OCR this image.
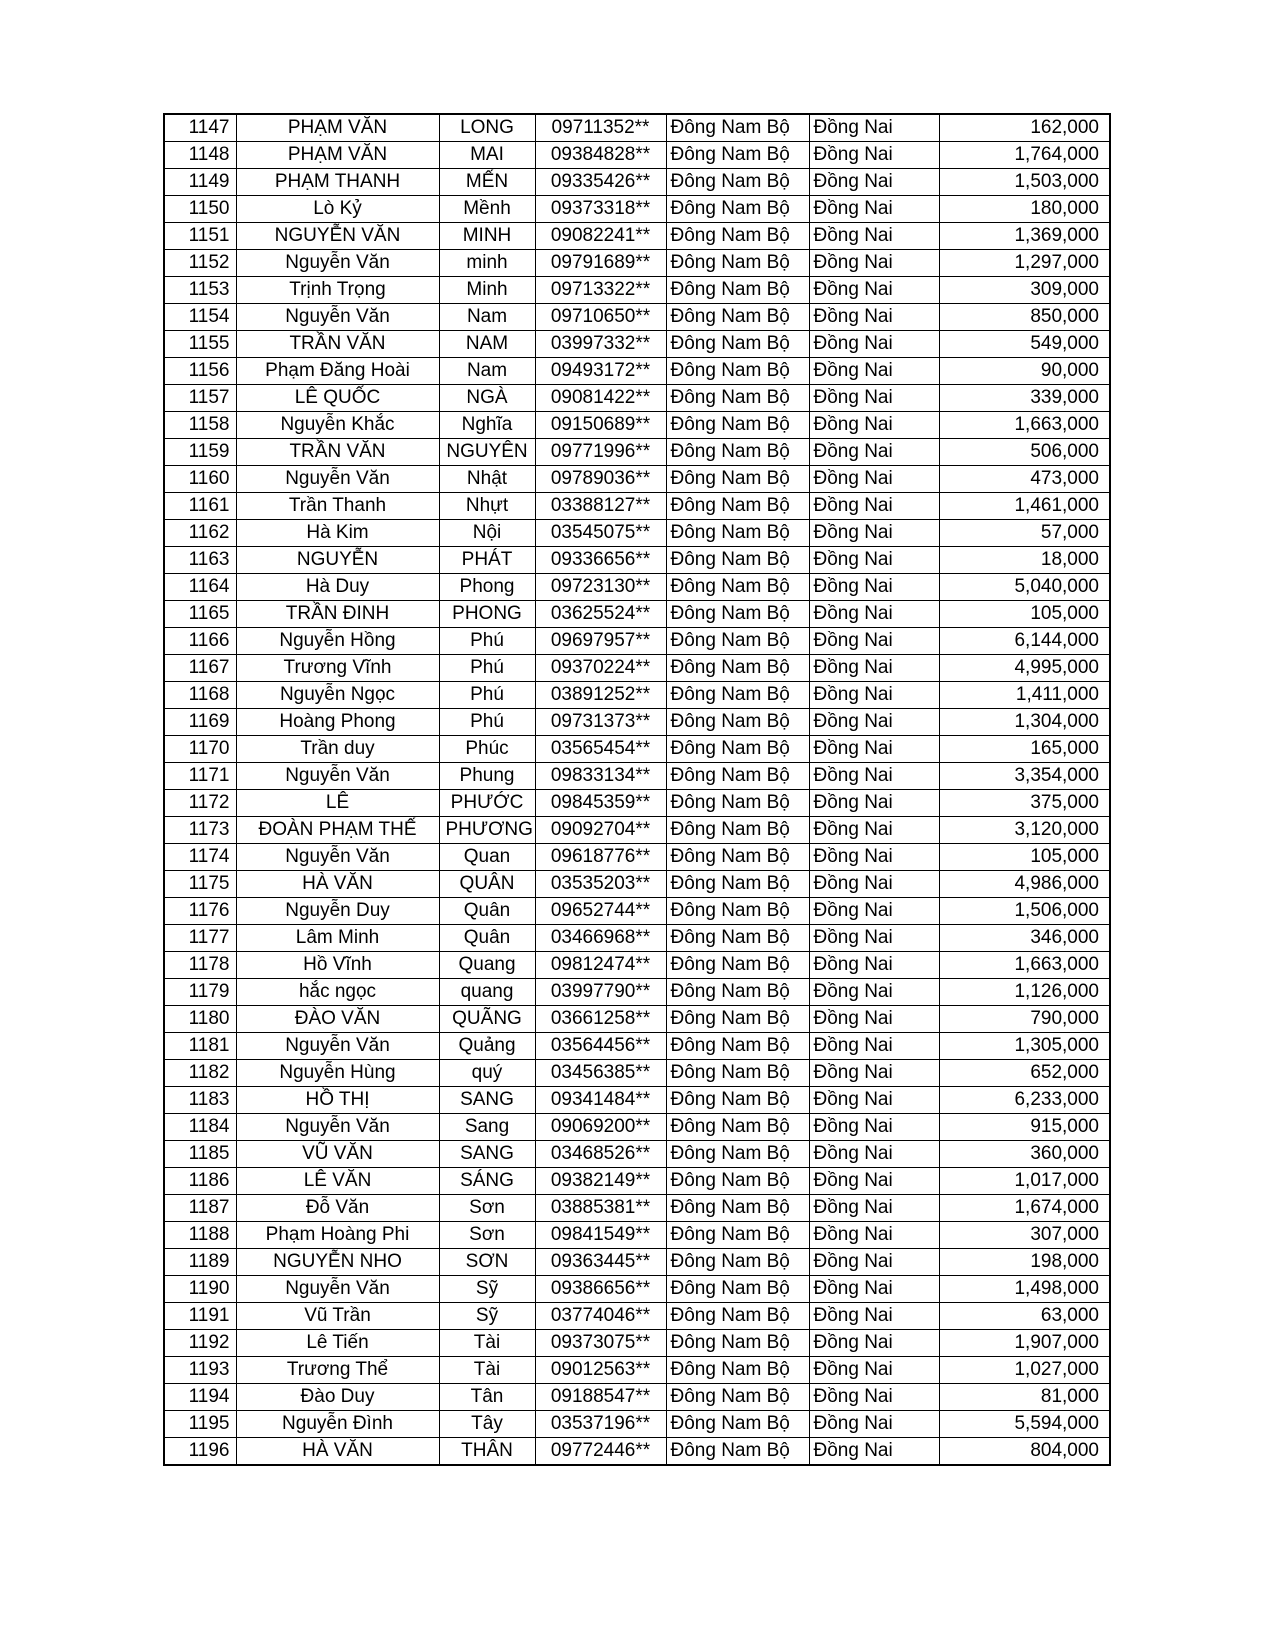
1147	PHẠM VĂN	LONG	09711352**	Đông Nam Bộ	Đồng Nai	162,000
1148	PHẠM VĂN	MAI	09384828**	Đông Nam Bộ	Đồng Nai	1,764,000
1149	PHẠM THANH	MẾN	09335426**	Đông Nam Bộ	Đồng Nai	1,503,000
1150	Lò Kỷ	Mềnh	09373318**	Đông Nam Bộ	Đồng Nai	180,000
1151	NGUYỄN VĂN	MINH	09082241**	Đông Nam Bộ	Đồng Nai	1,369,000
1152	Nguyễn Văn	minh	09791689**	Đông Nam Bộ	Đồng Nai	1,297,000
1153	Trịnh Trọng	Minh	09713322**	Đông Nam Bộ	Đồng Nai	309,000
1154	Nguyễn Văn	Nam	09710650**	Đông Nam Bộ	Đồng Nai	850,000
1155	TRẦN VĂN	NAM	03997332**	Đông Nam Bộ	Đồng Nai	549,000
1156	Phạm Đăng Hoài	Nam	09493172**	Đông Nam Bộ	Đồng Nai	90,000
1157	LÊ QUỐC	NGÀ	09081422**	Đông Nam Bộ	Đồng Nai	339,000
1158	Nguyễn Khắc	Nghĩa	09150689**	Đông Nam Bộ	Đồng Nai	1,663,000
1159	TRẦN VĂN	NGUYÊN	09771996**	Đông Nam Bộ	Đồng Nai	506,000
1160	Nguyễn Văn	Nhật	09789036**	Đông Nam Bộ	Đồng Nai	473,000
1161	Trần Thanh	Nhựt	03388127**	Đông Nam Bộ	Đồng Nai	1,461,000
1162	Hà Kim	Nội	03545075**	Đông Nam Bộ	Đồng Nai	57,000
1163	NGUYỄN	PHÁT	09336656**	Đông Nam Bộ	Đồng Nai	18,000
1164	Hà Duy	Phong	09723130**	Đông Nam Bộ	Đồng Nai	5,040,000
1165	TRẦN ĐINH	PHONG	03625524**	Đông Nam Bộ	Đồng Nai	105,000
1166	Nguyễn Hồng	Phú	09697957**	Đông Nam Bộ	Đồng Nai	6,144,000
1167	Trương Vĩnh	Phú	09370224**	Đông Nam Bộ	Đồng Nai	4,995,000
1168	Nguyễn Ngọc	Phú	03891252**	Đông Nam Bộ	Đồng Nai	1,411,000
1169	Hoàng Phong	Phú	09731373**	Đông Nam Bộ	Đồng Nai	1,304,000
1170	Trần duy	Phúc	03565454**	Đông Nam Bộ	Đồng Nai	165,000
1171	Nguyễn Văn	Phung	09833134**	Đông Nam Bộ	Đồng Nai	3,354,000
1172	LÊ	PHƯỚC	09845359**	Đông Nam Bộ	Đồng Nai	375,000
1173	ĐOÀN PHẠM THẾ	PHƯƠNG	09092704**	Đông Nam Bộ	Đồng Nai	3,120,000
1174	Nguyễn Văn	Quan	09618776**	Đông Nam Bộ	Đồng Nai	105,000
1175	HÀ VĂN	QUÂN	03535203**	Đông Nam Bộ	Đồng Nai	4,986,000
1176	Nguyễn Duy	Quân	09652744**	Đông Nam Bộ	Đồng Nai	1,506,000
1177	Lâm Minh	Quân	03466968**	Đông Nam Bộ	Đồng Nai	346,000
1178	Hồ Vĩnh	Quang	09812474**	Đông Nam Bộ	Đồng Nai	1,663,000
1179	hắc ngọc	quang	03997790**	Đông Nam Bộ	Đồng Nai	1,126,000
1180	ĐÀO VĂN	QUÃNG	03661258**	Đông Nam Bộ	Đồng Nai	790,000
1181	Nguyễn Văn	Quảng	03564456**	Đông Nam Bộ	Đồng Nai	1,305,000
1182	Nguyễn Hùng	quý	03456385**	Đông Nam Bộ	Đồng Nai	652,000
1183	HỒ THỊ	SANG	09341484**	Đông Nam Bộ	Đồng Nai	6,233,000
1184	Nguyễn Văn	Sang	09069200**	Đông Nam Bộ	Đồng Nai	915,000
1185	VŨ VĂN	SANG	03468526**	Đông Nam Bộ	Đồng Nai	360,000
1186	LÊ VĂN	SÁNG	09382149**	Đông Nam Bộ	Đồng Nai	1,017,000
1187	Đỗ Văn	Sơn	03885381**	Đông Nam Bộ	Đồng Nai	1,674,000
1188	Phạm Hoàng Phi	Sơn	09841549**	Đông Nam Bộ	Đồng Nai	307,000
1189	NGUYỄN NHO	SƠN	09363445**	Đông Nam Bộ	Đồng Nai	198,000
1190	Nguyễn Văn	Sỹ	09386656**	Đông Nam Bộ	Đồng Nai	1,498,000
1191	Vũ Trần	Sỹ	03774046**	Đông Nam Bộ	Đồng Nai	63,000
1192	Lê Tiến	Tài	09373075**	Đông Nam Bộ	Đồng Nai	1,907,000
1193	Trương Thể	Tài	09012563**	Đông Nam Bộ	Đồng Nai	1,027,000
1194	Đào Duy	Tân	09188547**	Đông Nam Bộ	Đồng Nai	81,000
1195	Nguyễn Đình	Tây	03537196**	Đông Nam Bộ	Đồng Nai	5,594,000
1196	HÀ VĂN	THÂN	09772446**	Đông Nam Bộ	Đồng Nai	804,000
